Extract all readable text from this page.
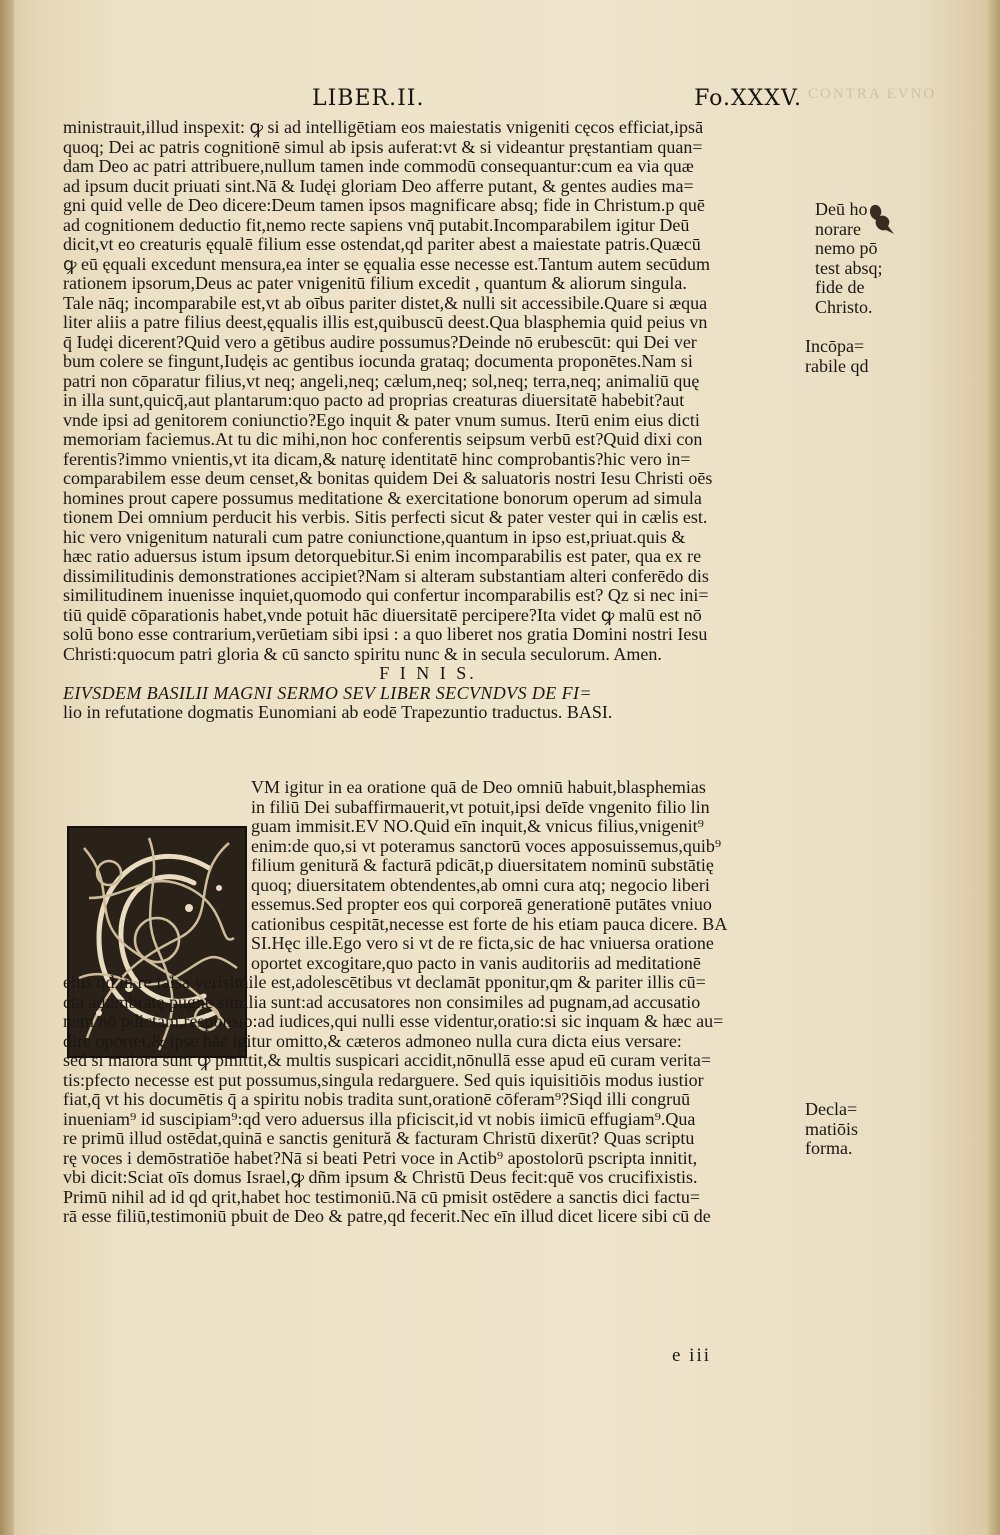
CONTRA EVNO
LIBER.II.	Fo.XXXV.
ministrauit,illud inspexit: ꝙ si ad intelligētiam eos maiestatis vnigeniti cęcos efficiat,ipsā
quoq; Dei ac patris cognitionē simul ab ipsis auferat:vt & si videantur pręstantiam quan=
dam Deo ac patri attribuere,nullum tamen inde commodū consequantur:cum ea via quæ
ad ipsum ducit priuati sint.Nā & Iudęi gloriam Deo afferre putant, & gentes audies ma=
gni quid velle de Deo dicere:Deum tamen ipsos magnificare absq; fide in Christum.p quē
ad cognitionem deductio fit,nemo recte sapiens vnq̄ putabit.Incomparabilem igitur Deū
dicit,vt eo creaturis ęqualē filium esse ostendat,qd pariter abest a maiestate patris.Quæcū
ꝙ eū ęquali excedunt mensura,ea inter se ęqualia esse necesse est.Tantum autem secūdum
rationem ipsorum,Deus ac pater vnigenitū filium excedit , quantum & aliorum singula.
Tale nāq; incomparabile est,vt ab oībus pariter distet,& nulli sit accessibile.Quare si æqua
liter aliis a patre filius deest,ęqualis illis est,quibuscū deest.Qua blasphemia quid peius vn
q̄ Iudęi dicerent?Quid vero a gētibus audire possumus?Deinde nō erubescūt: qui Dei ver
bum colere se fingunt,Iudęis ac gentibus iocunda grataq; documenta proponētes.Nam si
patri non cōparatur filius,vt neq; angeli,neq; cælum,neq; sol,neq; terra,neq; animaliū quę
in illa sunt,quicq̄,aut plantarum:quo pacto ad proprias creaturas diuersitatē habebit?aut
vnde ipsi ad genitorem coniunctio?Ego inquit & pater vnum sumus. Iterū enim eius dicti
memoriam faciemus.At tu dic mihi,non hoc conferentis seipsum verbū est?Quid dixi con
ferentis?immo vnientis,vt ita dicam,& naturę identitatē hinc comprobantis?hic vero in=
comparabilem esse deum censet,& bonitas quidem Dei & saluatoris nostri Iesu Christi oēs
homines prout capere possumus meditatione & exercitatione bonorum operum ad simula
tionem Dei omnium perducit his verbis. Sitis perfecti sicut & pater vester qui in cælis est.
hic vero vnigenitum naturali cum patre coniunctione,quantum in ipso est,priuat.quis &
hæc ratio aduersus istum ipsum detorquebitur.Si enim incomparabilis est pater, qua ex re
dissimilitudinis demonstrationes accipiet?Nam si alteram substantiam alteri conferēdo dis
similitudinem inuenisse inquiet,quomodo qui confertur incomparabilis est? Qz si nec ini=
tiū quidē cōparationis habet,vnde potuit hāc diuersitatē percipere?Ita videt ꝙ malū est nō
solū bono esse contrarium,verūetiam sibi ipsi : a quo liberet nos gratia Domini nostri Iesu
Christi:quocum patri gloria & cū sancto spiritu nunc & in secula seculorum. Amen.
F I N I S.
EIVSDEM BASILII MAGNI SERMO SEV LIBER SECVNDVS DE FI=
lio in refutatione dogmatis Eunomiani ab eodē Trapezuntio traductus. BASI.
VM igitur in ea oratione quā de Deo omniū habuit,blasphemias
in filiū Dei subaffirmauerit,vt potuit,ipsi deīde vngenito filio lin
guam immisit.EV NO.Quid eīn inquit,& vnicus filius,vnigenit⁹
enim:de quo,si vt poteramus sanctorū voces apposuissemus,quib⁹
filium genitură & facturā pdicāt,p diuersitatem nominū substātię
quoq; diuersitatem obtendentes,ab omni cura atq; negocio liberi
essemus.Sed propter eos qui corporeā generationē putātes vniuo
cationibus cespitāt,necesse est forte de his etiam pauca dicere. BA
SI.Hęc ille.Ego vero si vt de re ficta,sic de hac vniuersa oratione
oportet excogitare,quo pacto in vanis auditoriis ad meditationē
eius qd in re falsa verisimile est,adolescētibus vt declamāt pponitur,qm & pariter illis cū=
cta adumbratę pugnę similia sunt:ad accusatores non consimiles ad pugnam,ad accusatio
nem nō pdictam,responsio:ad iudices,qui nulli esse videntur,oratio:si sic inquam & hæc au=
dire oportet,& ipse hāc igitur omitto,& cæteros admoneo nulla cura dicta eius versare:
sed si maiora sunt ꝙ pmittit,& multis suspicari accidit,nōnullā esse apud eū curam verita=
tis:pfecto necesse est put possumus,singula redarguere. Sed quis iquisitiōis modus iustior
fiat,q̄ vt his documētis q̄ a spiritu nobis tradita sunt,orationē cōferam⁹?Siqd illi congruū
inueniam⁹ id suscipiam⁹:qd vero aduersus illa pficiscit,id vt nobis iimicū effugiam⁹.Qua
re primū illud ostēdat,quinā e sanctis genitură & facturam Christū dixerūt? Quas scriptu
rę voces i demōstratiōe habet?Nā si beati Petri voce in Actib⁹ apostolorū pscripta innitit,
vbi dicit:Sciat oīs domus Israel,ꝙ dñm ipsum & Christū Deus fecit:quē vos crucifixistis.
Primū nihil ad id qd qrit,habet hoc testimoniū.Nā cū pmisit ostēdere a sanctis dici factu=
rā esse filiū,testimoniū pbuit de Deo & patre,qd fecerit.Nec eīn illud dicet licere sibi cū de
Deū ho
norare
nemo pō
test absq;
fide de
Christo.
Incōpa=
rabile qd
Decla=
matiōis
forma.
e iii
